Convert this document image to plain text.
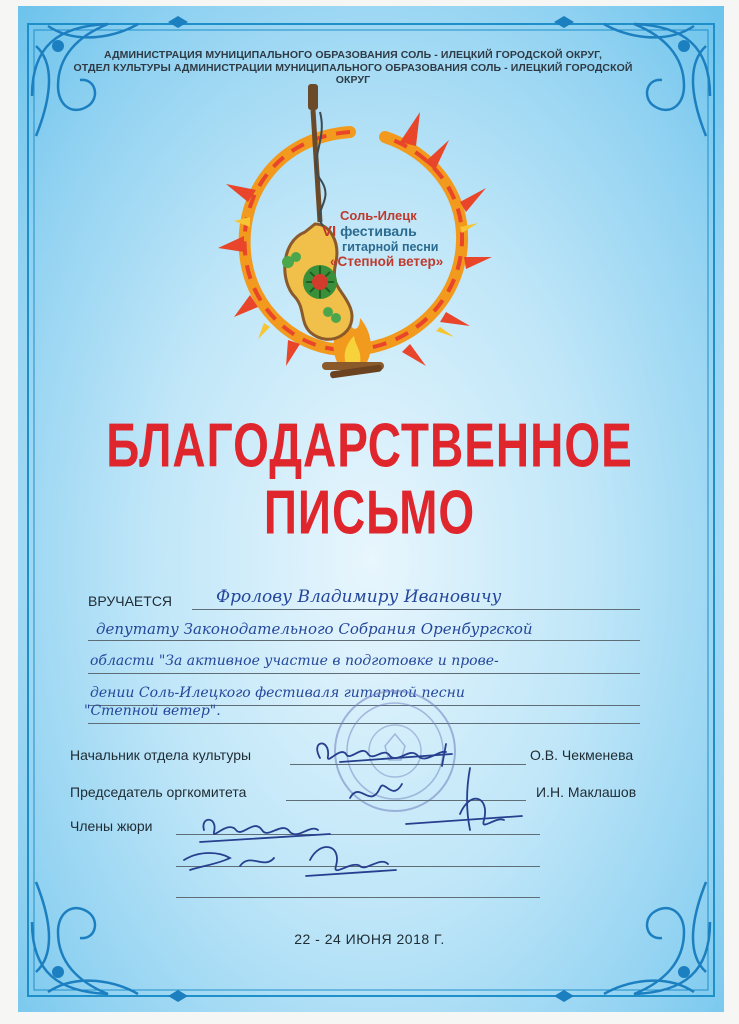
АДМИНИСТРАЦИЯ МУНИЦИПАЛЬНОГО ОБРАЗОВАНИЯ СОЛЬ - ИЛЕЦКИЙ ГОРОДСКОЙ ОКРУГ,
ОТДЕЛ КУЛЬТУРЫ АДМИНИСТРАЦИИ МУНИЦИПАЛЬНОГО ОБРАЗОВАНИЯ СОЛЬ - ИЛЕЦКИЙ ГОРОДСКОЙ ОКРУГ
Соль-Илецк
VI фестиваль
гитарной песни
«Степной ветер»
БЛАГОДАРСТВЕННОЕ
ПИСЬМО
ВРУЧАЕТСЯ	Фролову Владимиру Ивановичу
депутату Законодательного Собрания Оренбургской
области "За активное участие в подготовке и прове-
дении Соль-Илецкого фестиваля гитарной песни
"Степной ветер".
Начальник отдела культуры	О.В. Чекменева
Председатель оргкомитета	И.Н. Маклашов
Члены жюри
22 - 24 ИЮНЯ 2018 Г.
